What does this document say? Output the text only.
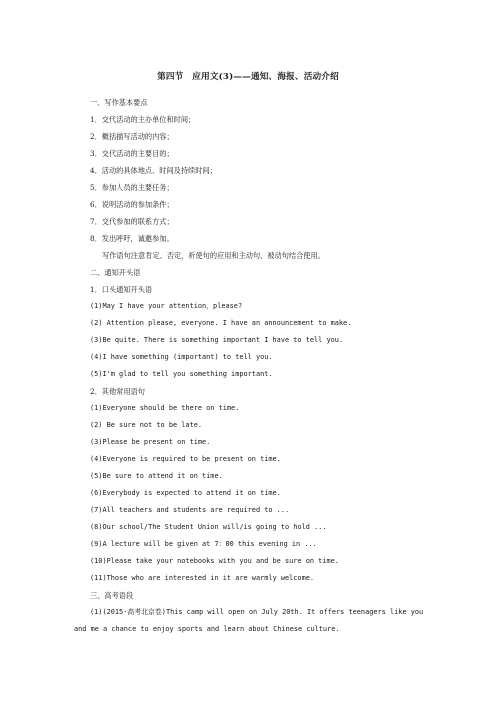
第四节　应用文(3)——通知、海报、活动介绍
一、写作基本要点
1．交代活动的主办单位和时间；
2．概括描写活动的内容；
3．交代活动的主要目的；
4．活动的具体地点、时间及持续时间；
5．参加人员的主要任务；
6．说明活动的参加条件；
7．交代参加的联系方式；
8．发出呼吁，诚邀参加。
写作语句注意肯定、否定，祈使句的应用和主动句、被动句结合使用。
二、通知开头语
1．口头通知开头语
(1)May I have your attention，please?
(2) Attention please, everyone. I have an announcement to make.
(3)Be quite. There is something important I have to tell you.
(4)I have something (important) to tell you.
(5)I'm glad to tell you something important.
2．其他常用语句
(1)Everyone should be there on time.
(2) Be sure not to be late.
(3)Please be present on time.
(4)Everyone is required to be present on time.
(5)Be sure to attend it on time.
(6)Everybody is expected to attend it on time.
(7)All teachers and students are required to ...
(8)Our school/The Student Union will/is going to hold ...
(9)A lecture will be given at 7：00 this evening in ...
(10)Please take your notebooks with you and be sure on time.
(11)Those who are interested in it are warmly welcome.
三、高考语段
(1)(2015·高考北京卷)This camp will open on July 20th. It offers teenagers like you and me a chance to enjoy sports and learn about Chinese culture.
